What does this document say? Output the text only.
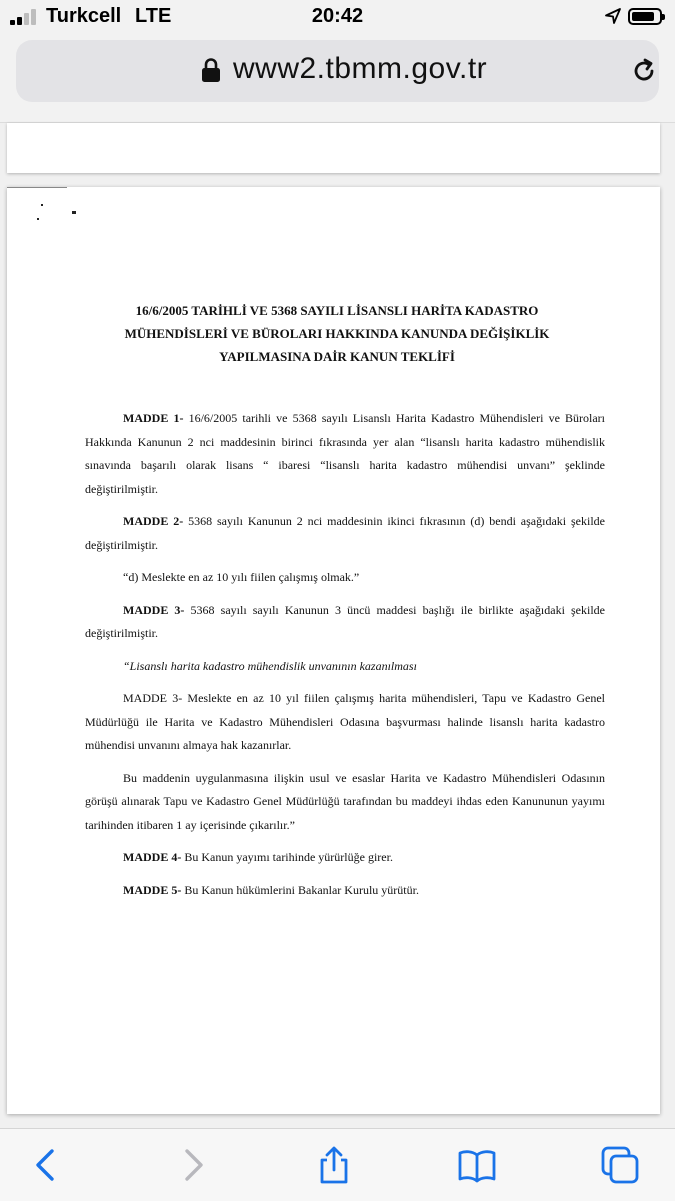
Turkcell LTE	20:42
www2.tbmm.gov.tr
16/6/2005 TARİHLİ VE 5368 SAYILI LİSANSLI HARİTA KADASTRO
MÜHENDİSLERİ VE BÜROLARI HAKKINDA KANUNDA DEĞİŞİKLİK
YAPILMASINA DAİR KANUN TEKLİFİ

MADDE 1- 16/6/2005 tarihli ve 5368 sayılı Lisanslı Harita Kadastro Mühendisleri ve Büroları Hakkında Kanunun 2 nci maddesinin birinci fıkrasında yer alan “lisanslı harita kadastro mühendislik sınavında başarılı olarak lisans “ ibaresi “lisanslı harita kadastro mühendisi unvanı” şeklinde değiştirilmiştir.

MADDE 2- 5368 sayılı Kanunun 2 nci maddesinin ikinci fıkrasının (d) bendi aşağıdaki şekilde değiştirilmiştir.

“d) Meslekte en az 10 yılı fiilen çalışmış olmak.”

MADDE 3- 5368 sayılı sayılı Kanunun 3 üncü maddesi başlığı ile birlikte aşağıdaki şekilde değiştirilmiştir.

“Lisanslı harita kadastro mühendislik unvanının kazanılması

MADDE 3- Meslekte en az 10 yıl fiilen çalışmış harita mühendisleri, Tapu ve Kadastro Genel Müdürlüğü ile Harita ve Kadastro Mühendisleri Odasına başvurması halinde lisanslı harita kadastro mühendisi unvanını almaya hak kazanırlar.

Bu maddenin uygulanmasına ilişkin usul ve esaslar Harita ve Kadastro Mühendisleri Odasının görüşü alınarak Tapu ve Kadastro Genel Müdürlüğü tarafından bu maddeyi ihdas eden Kanununun yayımı tarihinden itibaren 1 ay içerisinde çıkarılır.”

MADDE 4- Bu Kanun yayımı tarihinde yürürlüğe girer.

MADDE 5- Bu Kanun hükümlerini Bakanlar Kurulu yürütür.
